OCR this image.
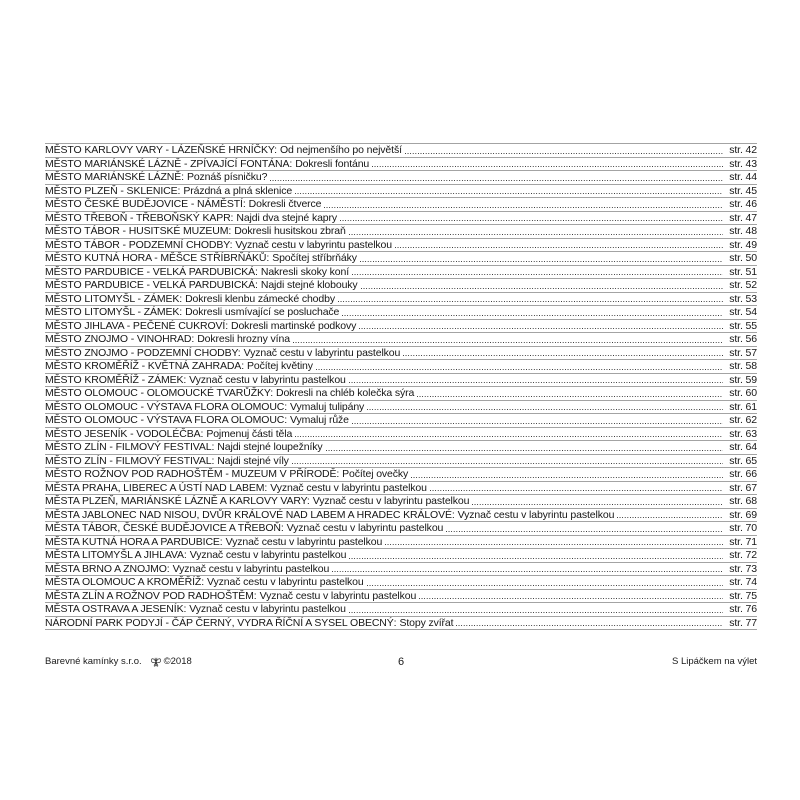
MĚSTO KARLOVY VARY - LÁZEŇSKÉ HRNÍČKY: Od nejmenšího po největší	str. 42
MĚSTO MARIÁNSKÉ LÁZNĚ - ZPÍVAJÍCÍ FONTÁNA: Dokresli fontánu	str. 43
MĚSTO MARIÁNSKÉ LÁZNĚ: Poznáš písničku?	str. 44
MĚSTO PLZEŇ - SKLENICE: Prázdná a plná sklenice	str. 45
MĚSTO ČESKÉ BUDĚJOVICE - NÁMĚSTÍ: Dokresli čtverce	str. 46
MĚSTO TŘEBOŇ - TŘEBOŇSKÝ KAPR: Najdi dva stejné kapry	str. 47
MĚSTO TÁBOR - HUSITSKÉ MUZEUM: Dokresli husitskou zbraň	str. 48
MĚSTO TÁBOR - PODZEMNÍ CHODBY: Vyznač cestu v labyrintu pastelkou	str. 49
MĚSTO KUTNÁ HORA - MĚŠCE STŘÍBRŇÁKŮ: Spočítej stříbrňáky	str. 50
MĚSTO PARDUBICE - VELKÁ PARDUBICKÁ: Nakresli skoky koní	str. 51
MĚSTO PARDUBICE - VELKÁ PARDUBICKÁ: Najdi stejné klobouky	str. 52
MĚSTO LITOMYŠL - ZÁMEK: Dokresli klenbu zámecké chodby	str. 53
MĚSTO LITOMYŠL - ZÁMEK: Dokresli usmívající se posluchače	str. 54
MĚSTO JIHLAVA - PEČENÉ CUKROVÍ: Dokresli martinské podkovy	str. 55
MĚSTO ZNOJMO - VINOHRAD: Dokresli hrozny vína	str. 56
MĚSTO ZNOJMO - PODZEMNÍ CHODBY: Vyznač cestu v labyrintu pastelkou	str. 57
MĚSTO KROMĚŘÍŽ - KVĚTNÁ ZAHRADA: Počítej květiny	str. 58
MĚSTO KROMĚŘÍŽ - ZÁMEK: Vyznač cestu v labyrintu pastelkou	str. 59
MĚSTO OLOMOUC - OLOMOUCKÉ TVARŮŽKY: Dokresli na chléb kolečka sýra	str. 60
MĚSTO OLOMOUC - VÝSTAVA FLORA OLOMOUC: Vymaluj tulipány	str. 61
MĚSTO OLOMOUC - VÝSTAVA FLORA OLOMOUC: Vymaluj růže	str. 62
MĚSTO JESENÍK - VODOLÉČBA: Pojmenuj části těla	str. 63
MĚSTO ZLÍN - FILMOVÝ FESTIVAL: Najdi stejné loupežníky	str. 64
MĚSTO ZLÍN - FILMOVÝ FESTIVAL: Najdi stejné víly	str. 65
MĚSTO ROŽNOV POD RADHOŠTĚM - MUZEUM V PŘÍRODĚ: Počítej ovečky	str. 66
MĚSTA PRAHA, LIBEREC A ÚSTÍ NAD LABEM: Vyznač cestu v labyrintu pastelkou	str. 67
MĚSTA PLZEŇ, MARIÁNSKÉ LÁZNĚ A KARLOVY VARY: Vyznač cestu v labyrintu pastelkou	str. 68
MĚSTA JABLONEC NAD NISOU, DVŮR KRÁLOVÉ NAD LABEM A HRADEC KRÁLOVÉ: Vyznač cestu v labyrintu pastelkou	str. 69
MĚSTA TÁBOR, ČESKÉ BUDĚJOVICE A TŘEBOŇ: Vyznač cestu v labyrintu pastelkou	str. 70
MĚSTA KUTNÁ HORA A PARDUBICE: Vyznač cestu v labyrintu pastelkou	str. 71
MĚSTA LITOMYŠL A JIHLAVA: Vyznač cestu v labyrintu pastelkou	str. 72
MĚSTA BRNO A ZNOJMO: Vyznač cestu v labyrintu pastelkou	str. 73
MĚSTA OLOMOUC A KROMĚŘÍŽ: Vyznač cestu v labyrintu pastelkou	str. 74
MĚSTA ZLÍN A ROŽNOV POD RADHOŠTĚM: Vyznač cestu v labyrintu pastelkou	str. 75
MĚSTA OSTRAVA A JESENÍK: Vyznač cestu v labyrintu pastelkou	str. 76
NÁRODNÍ PARK PODYJÍ - ČÁP ČERNÝ, VYDRA ŘÍČNÍ A SYSEL OBECNÝ: Stopy zvířat	str. 77
Barevné kamínky s.r.o. ©2018	6	S Lipáčkem na výlet
